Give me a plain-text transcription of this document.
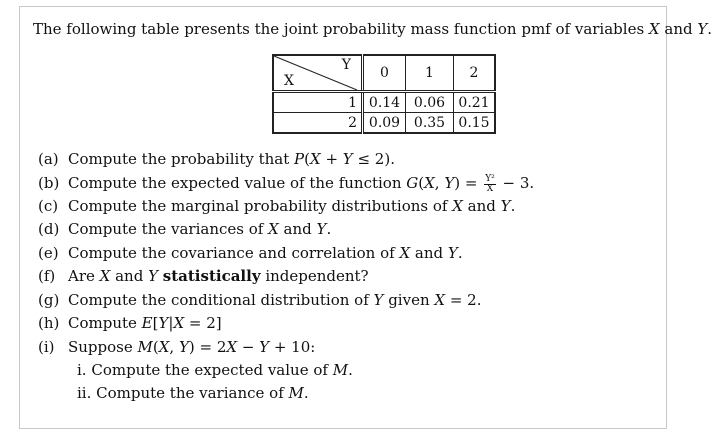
The following table presents the joint probability mass function pmf of variables X and Y.
Y
X	0	1	2
1	0.14	0.06	0.21
2	0.09	0.35	0.15
(a) Compute the probability that P(X + Y ≤ 2).
(b) Compute the expected value of the function G(X, $Y) = \frac{\text{Y²}}{X} - 3$.
(c) Compute the marginal probability distributions of X and Y.
(d) Compute the variances of X and Y.
(e) Compute the covariance and correlation of X and Y.
(f) Are X and Y statistically independent?
(g) Compute the conditional distribution of Y given X = 2.
(h) Compute E[Y|X = 2]
(i) Suppose M(X, Y) = 2X − Y + 10:
i. Compute the expected value of M.
ii. Compute the variance of M.
